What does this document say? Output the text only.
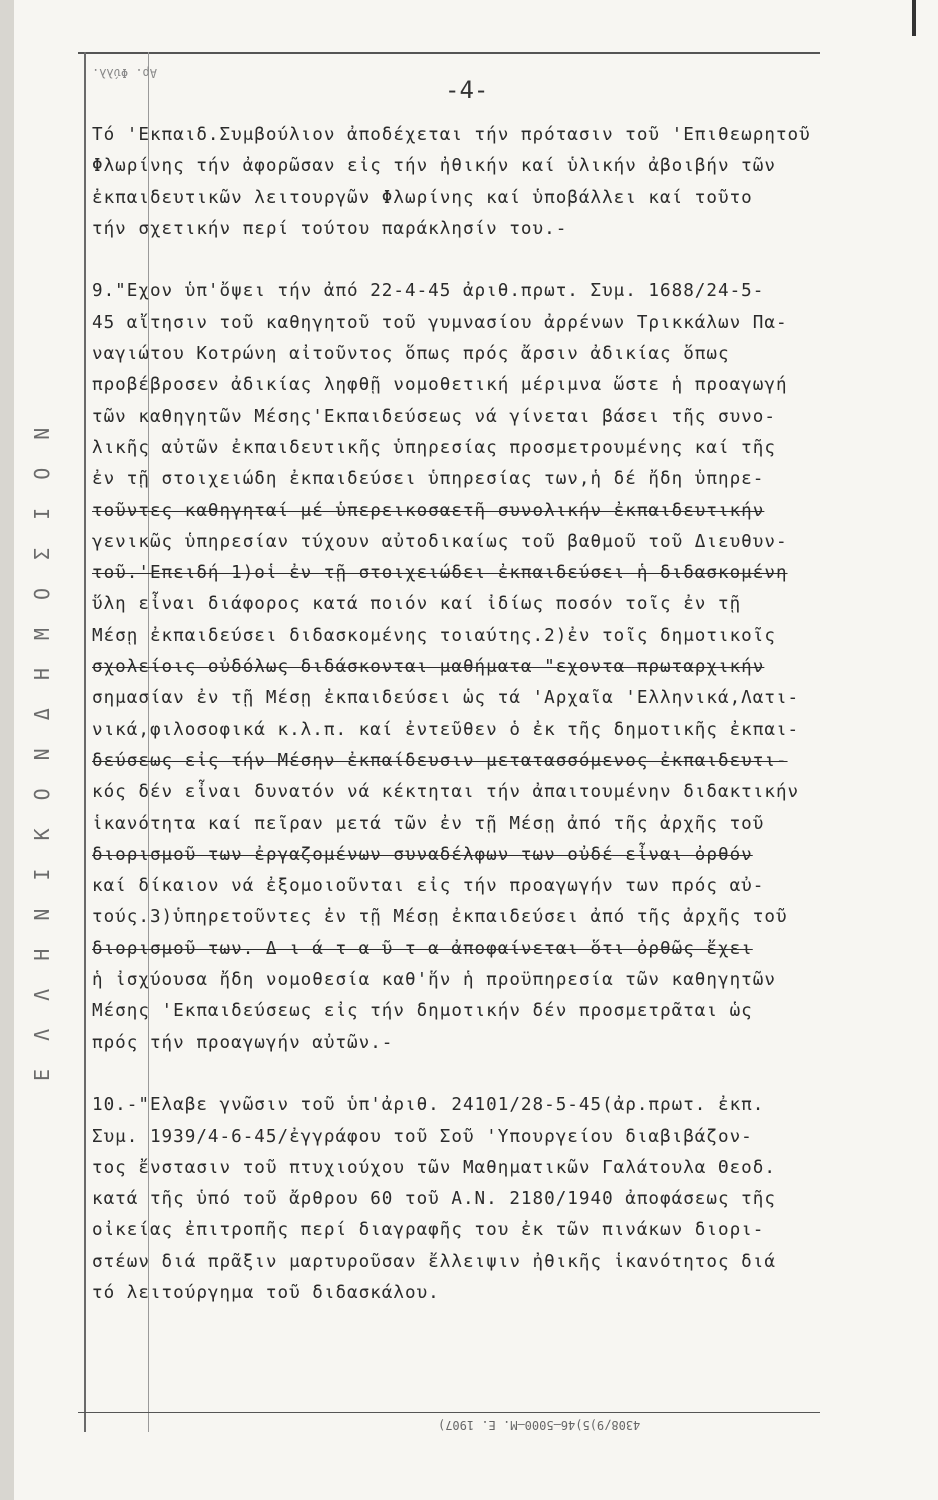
Ε Λ Λ Η Ν Ι Κ Ο Ν Δ Η Μ Ο Σ Ι Ο Ν
Αρ. Φύλλ.
-4-
Τό 'Εκπαιδ.Συμβούλιον ἀποδέχεται τήν πρότασιν τοῦ 'Επιθεωρητοῦ
Φλωρίνης τήν ἀφορῶσαν εἰς τήν ἠθικήν καί ὑλικήν ἀβοιβήν τῶν
ἐκπαιδευτικῶν λειτουργῶν Φλωρίνης καί ὑποβάλλει καί τοῦτο
τήν σχετικήν περί τούτου παράκλησίν του.-
9."Εχον ὑπ'ὄψει τήν ἀπό 22-4-45 ἀριθ.πρωτ. Συμ. 1688/24-5-
45 αἴτησιν τοῦ καθηγητοῦ τοῦ γυμνασίου ἀρρένων Τρικκάλων Πα-
ναγιώτου Κοτρώνη αἰτοῦντος ὅπως πρός ἄρσιν ἀδικίας ὅπως
προβέβροσεν ἀδικίας ληφθῇ νομοθετική μέριμνα ὥστε ἡ προαγωγή
τῶν καθηγητῶν Μέσης'Εκπαιδεύσεως νά γίνεται βάσει τῆς συνο-
λικῆς αὐτῶν ἐκπαιδευτικῆς ὑπηρεσίας προσμετρουμένης καί τῆς
ἐν τῇ στοιχειώδη ἐκπαιδεύσει ὑπηρεσίας των,ἡ δέ ἤδη ὑπηρε-
τοῦντες καθηγηταί μέ ὑπερεικοσαετῆ συνολικήν ἐκπαιδευτικήν
γενικῶς ὑπηρεσίαν τύχουν αὐτοδικαίως τοῦ βαθμοῦ τοῦ Διευθυν-
τοῦ.'Επειδή 1)οἱ ἐν τῇ στοιχειώδει ἐκπαιδεύσει ἡ διδασκομένη
ὕλη εἶναι διάφορος κατά ποιόν καί ἰδίως ποσόν τοῖς ἐν τῇ
Μέσῃ ἐκπαιδεύσει διδασκομένης τοιαύτης.2)ἐν τοῖς δημοτικοῖς
σχολείοις οὐδόλως διδάσκονται μαθήματα "εχοντα πρωταρχικήν
σημασίαν ἐν τῇ Μέσῃ ἐκπαιδεύσει ὡς τά 'Αρχαῖα 'Ελληνικά,Λατι-
νικά,φιλοσοφικά κ.λ.π. καί ἐντεῦθεν ὁ ἐκ τῆς δημοτικῆς ἐκπαι-
δεύσεως εἰς τήν Μέσην ἐκπαίδευσιν μετατασσόμενος ἐκπαιδευτι-
κός δέν εἶναι δυνατόν νά κέκτηται τήν ἀπαιτουμένην διδακτικήν
ἱκανότητα καί πεῖραν μετά τῶν ἐν τῇ Μέσῃ ἀπό τῆς ἀρχῆς τοῦ
διορισμοῦ των ἐργαζομένων συναδέλφων των οὐδέ εἶναι ὀρθόν
καί δίκαιον νά ἐξομοιοῦνται εἰς τήν προαγωγήν των πρός αὐ-
τούς.3)ὑπηρετοῦντες ἐν τῇ Μέσῃ ἐκπαιδεύσει ἀπό τῆς ἀρχῆς τοῦ
διορισμοῦ των. Δ ι ά τ α ῦ τ α ἀποφαίνεται ὅτι ὀρθῶς ἔχει
ἡ ἰσχύουσα ἤδη νομοθεσία καθ'ἥν ἡ προϋπηρεσία τῶν καθηγητῶν
Μέσης 'Εκπαιδεύσεως εἰς τήν δημοτικήν δέν προσμετρᾶται ὡς
πρός τήν προαγωγήν αὐτῶν.-
10.-"Ελαβε γνῶσιν τοῦ ὑπ'ἀριθ. 24101/28-5-45(ἀρ.πρωτ. ἐκπ.
Συμ. 1939/4-6-45/ἐγγράφου τοῦ Σοῦ 'Υπουργείου διαβιβάζον-
τος ἔνστασιν τοῦ πτυχιούχου τῶν Μαθηματικῶν Γαλάτουλα Θεοδ.
κατά τῆς ὑπό τοῦ ἄρθρου 60 τοῦ Α.Ν. 2180/1940 ἀποφάσεως τῆς
οἰκείας ἐπιτροπῆς περί διαγραφῆς του ἐκ τῶν πινάκων διορι-
στέων διά πρᾶξιν μαρτυροῦσαν ἔλλειψιν ἠθικῆς ἱκανότητος διά
τό λειτούργημα τοῦ διδασκάλου.
4308/9)5)46—5000—Μ. Ε. 1907)
